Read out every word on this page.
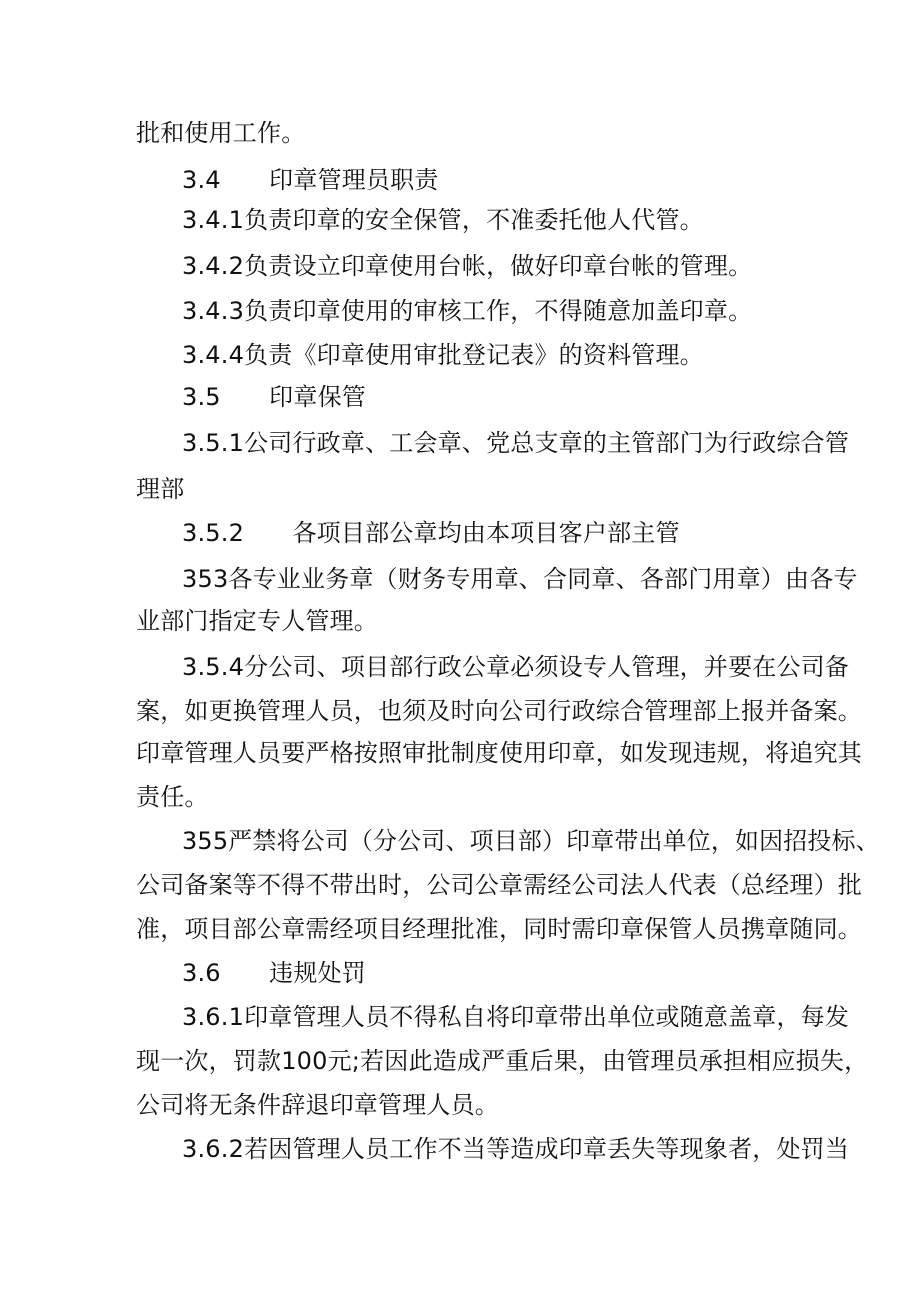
批和使用工作。
3.4　　印章管理员职责
3.4.1负责印章的安全保管，不准委托他人代管。
3.4.2负责设立印章使用台帐，做好印章台帐的管理。
3.4.3负责印章使用的审核工作，不得随意加盖印章。
3.4.4负责《印章使用审批登记表》的资料管理。
3.5　　印章保管
3.5.1公司行政章、工会章、党总支章的主管部门为行政综合管
理部
3.5.2　　各项目部公章均由本项目客户部主管
353各专业业务章（财务专用章、合同章、各部门用章）由各专
业部门指定专人管理。
3.5.4分公司、项目部行政公章必须设专人管理，并要在公司备
案，如更换管理人员，也须及时向公司行政综合管理部上报并备案。
印章管理人员要严格按照审批制度使用印章，如发现违规，将追究其
责任。
355严禁将公司（分公司、项目部）印章带出单位，如因招投标、
公司备案等不得不带出时，公司公章需经公司法人代表（总经理）批
准，项目部公章需经项目经理批准，同时需印章保管人员携章随同。
3.6　　违规处罚
3.6.1印章管理人员不得私自将印章带出单位或随意盖章，每发
现一次，罚款100元;若因此造成严重后果，由管理员承担相应损失，
公司将无条件辞退印章管理人员。
3.6.2若因管理人员工作不当等造成印章丢失等现象者，处罚当
